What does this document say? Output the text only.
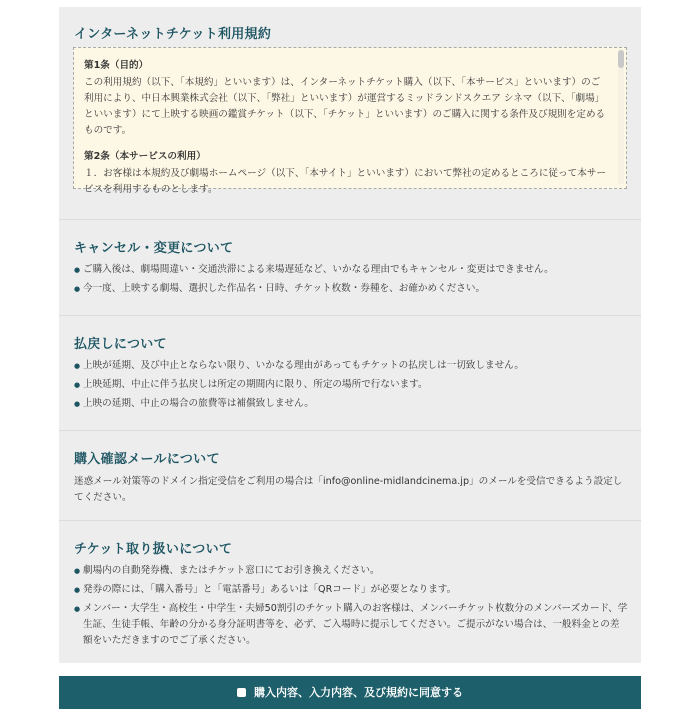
インターネットチケット利用規約
第1条（目的）

この利用規約（以下、「本規約」といいます）は、インターネットチケット購入（以下、「本サービス」といいます）のご利用により、中日本興業株式会社（以下、「弊社」といいます）が運営するミッドランドスクエア シネマ（以下、「劇場」といいます）にて上映する映画の鑑賞チケット（以下、「チケット」といいます）のご購入に関する条件及び規則を定めるものです。

第2条（本サービスの利用）

１．お客様は本規約及び劇場ホームページ（以下、「本サイト」といいます）において弊社の定めるところに従って本サービスを利用するものとします。

キャンセル・変更について
● ご購入後は、劇場間違い・交通渋滞による来場遅延など、いかなる理由でもキャンセル・変更はできません。
● 今一度、上映する劇場、選択した作品名・日時、チケット枚数・券種を、お確かめください。
払戻しについて
● 上映が延期、及び中止とならない限り、いかなる理由があってもチケットの払戻しは一切致しません。
● 上映延期、中止に伴う払戻しは所定の期間内に限り、所定の場所で行ないます。
● 上映の延期、中止の場合の旅費等は補償致しません。
購入確認メールについて
迷惑メール対策等のドメイン指定受信をご利用の場合は「info@online-midlandcinema.jp」のメールを受信できるよう設定してください。
チケット取り扱いについて
● 劇場内の自動発券機、またはチケット窓口にてお引き換えください。
● 発券の際には、「購入番号」と「電話番号」あるいは「QRコード」が必要となります。
● メンバー・大学生・高校生・中学生・夫婦50割引のチケット購入のお客様は、メンバーチケット枚数分のメンバーズカード、学生証、生徒手帳、年齢の分かる身分証明書等を、必ず、ご入場時に提示してください。ご提示がない場合は、一般料金との差額をいただきますのでご了承ください。
購入内容、入力内容、及び規約に同意する
